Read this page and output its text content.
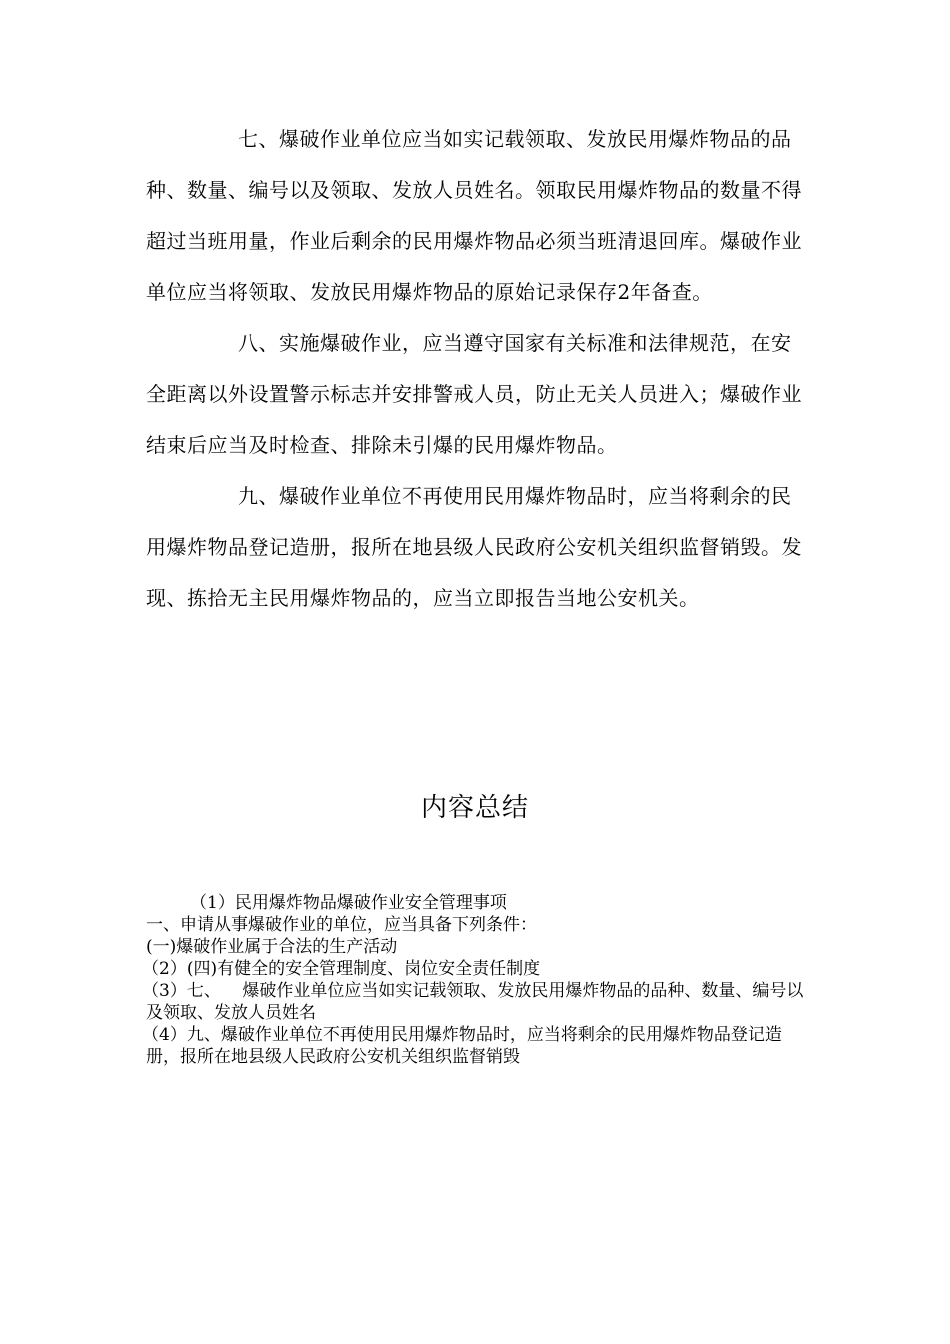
七、爆破作业单位应当如实记载领取、发放民用爆炸物品的品种、数量、编号以及领取、发放人员姓名。领取民用爆炸物品的数量不得超过当班用量，作业后剩余的民用爆炸物品必须当班清退回库。爆破作业单位应当将领取、发放民用爆炸物品的原始记录保存2年备查。

八、实施爆破作业，应当遵守国家有关标准和法律规范，在安全距离以外设置警示标志并安排警戒人员，防止无关人员进入；爆破作业结束后应当及时检查、排除未引爆的民用爆炸物品。

九、爆破作业单位不再使用民用爆炸物品时，应当将剩余的民用爆炸物品登记造册，报所在地县级人民政府公安机关组织监督销毁。发现、拣拾无主民用爆炸物品的，应当立即报告当地公安机关。

内容总结

（1）民用爆炸物品爆破作业安全管理事项

一、申请从事爆破作业的单位，应当具备下列条件：

(一)爆破作业属于合法的生产活动

（2）(四)有健全的安全管理制度、岗位安全责任制度

（3）七、    爆破作业单位应当如实记载领取、发放民用爆炸物品的品种、数量、编号以及领取、发放人员姓名

（4）九、爆破作业单位不再使用民用爆炸物品时，应当将剩余的民用爆炸物品登记造册，报所在地县级人民政府公安机关组织监督销毁
